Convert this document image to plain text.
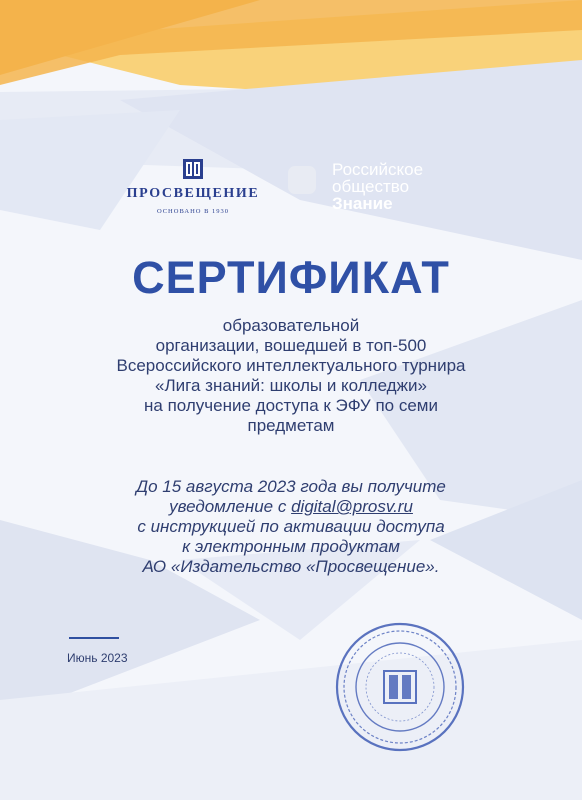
ПРОСВЕЩЕНИЕ
ОСНОВАНО В 1930
Российское
общество
Знание
СЕРТИФИКАТ
образовательной
организации, вошедшей в топ-500
Всероссийского интеллектуального турнира
«Лига знаний: школы и колледжи»
на получение доступа к ЭФУ по семи
предметам
До 15 августа 2023 года вы получите
уведомление с digital@prosv.ru
с инструкцией по активации доступа
к электронным продуктам
АО «Издательство «Просвещение».
Июнь 2023
